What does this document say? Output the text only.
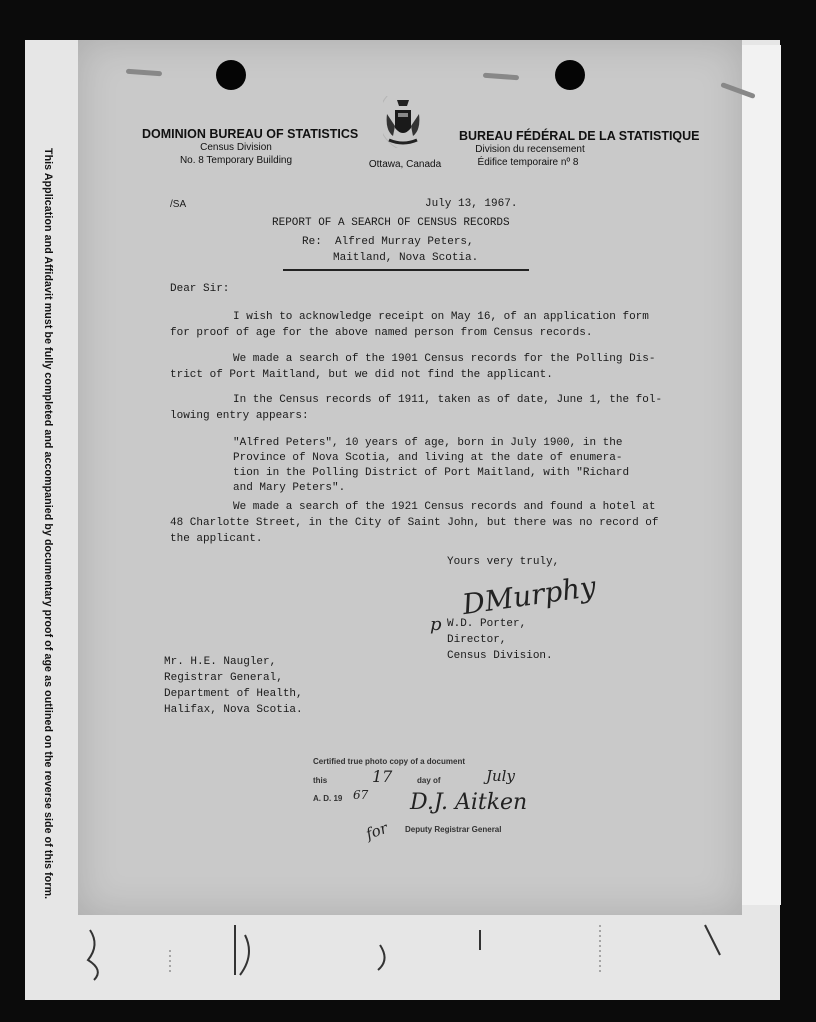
This Application and Affidavit must be fully completed and accompanied by documentary proof of age as outlined on the reverse side of this form.
DOMINION BUREAU OF STATISTICS
Census Division
No. 8 Temporary Building	Ottawa, Canada
BUREAU FÉDÉRAL DE LA STATISTIQUE
Division du recensement
Édifice temporaire nº 8
/SA	July 13, 1967.
REPORT OF A SEARCH OF CENSUS RECORDS
Re:  Alfred Murray Peters,
Maitland, Nova Scotia.
Dear Sir:
I wish to acknowledge receipt on May 16, of an application form
for proof of age for the above named person from Census records.
We made a search of the 1901 Census records for the Polling Dis-
trict of Port Maitland, but we did not find the applicant.
In the Census records of 1911, taken as of date, June 1, the fol-
lowing entry appears:
"Alfred Peters", 10 years of age, born in July 1900, in the
Province of Nova Scotia, and living at the date of enumera-
tion in the Polling District of Port Maitland, with "Richard
and Mary Peters".
We made a search of the 1921 Census records and found a hotel at
48 Charlotte Street, in the City of Saint John, but there was no record of
the applicant.
Yours very truly,
DMurphy
p W.D. Porter,
Director,
Census Division.
Mr. H.E. Naugler,
Registrar General,
Department of Health,
Halifax, Nova Scotia.
Certified true photo copy of a document
this	17	day of	July
A. D. 19 67 D.J. Aitken
for Deputy Registrar General
